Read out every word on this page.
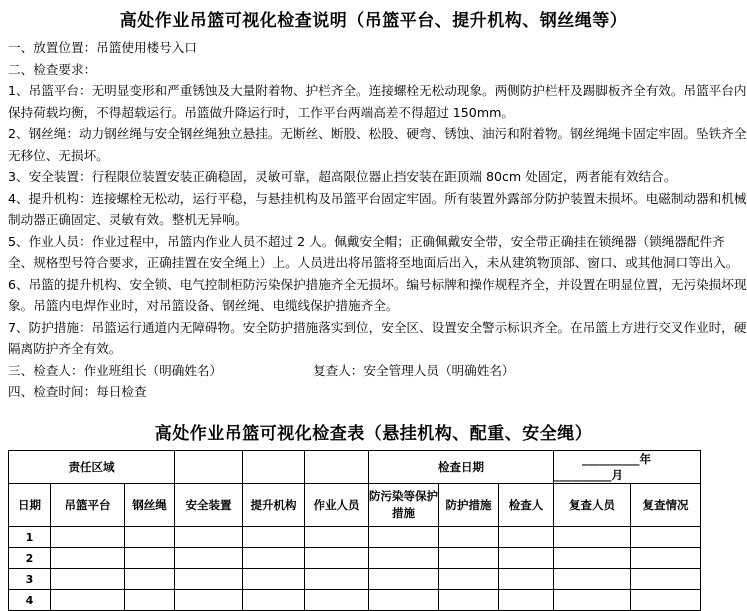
高处作业吊篮可视化检查说明（吊篮平台、提升机构、钢丝绳等）

一、放置位置：吊篮使用楼号入口

二、检查要求：

1、吊篮平台：无明显变形和严重锈蚀及大量附着物、护栏齐全。连接螺栓无松动现象。两侧防护栏杆及踢脚板齐全有效。吊篮平台内保持荷载均衡，不得超载运行。吊篮做升降运行时，工作平台两端高差不得超过 150mm。

2、钢丝绳：动力钢丝绳与安全钢丝绳独立悬挂。无断丝、断股、松股、硬弯、锈蚀、油污和附着物。钢丝绳绳卡固定牢固。坠铁齐全无移位、无损坏。

3、安全装置：行程限位装置安装正确稳固，灵敏可靠，超高限位器止挡安装在距顶端 80cm 处固定，两者能有效结合。

4、提升机构：连接螺栓无松动，运行平稳，与悬挂机构及吊篮平台固定牢固。所有装置外露部分防护装置未损坏。电磁制动器和机械制动器正确固定、灵敏有效。整机无异响。

5、作业人员：作业过程中，吊篮内作业人员不超过 2 人。佩戴安全帽；正确佩戴安全带，安全带正确挂在锁绳器（锁绳器配件齐全、规格型号符合要求，正确挂置在安全绳上）上。人员进出将吊篮将至地面后出入，未从建筑物顶部、窗口、或其他洞口等出入。

6、吊篮的提升机构、安全锁、电气控制柜防污染保护措施齐全无损坏。编号标牌和操作规程齐全，并设置在明显位置，无污染损坏现象。吊篮内电焊作业时，对吊篮设备、钢丝绳、电缆线保护措施齐全。

7、防护措施：吊篮运行通道内无障碍物。安全防护措施落实到位，安全区、设置安全警示标识齐全。在吊篮上方进行交叉作业时，硬隔离防护齐全有效。

三、检查人：作业班组长（明确姓名）	复查人：安全管理人员（明确姓名）

四、检查时间：每日检查

高处作业吊篮可视化检查表（悬挂机构、配重、安全绳）
责任区域						检查日期			__________年__________月	
日期	吊篮平台	钢丝绳	安全装置	提升机构	作业人员	防污染等保护措施	防护措施	检查人	复查人员	复查情况
1										
2										
3										
4										
